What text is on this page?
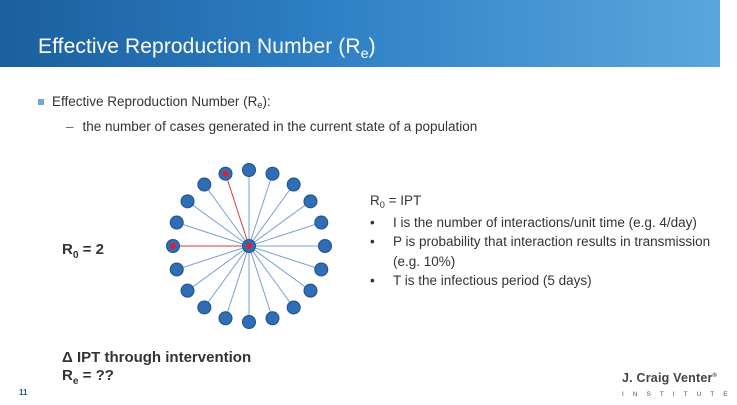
Effective Reproduction Number $(R_e)$
Effective Reproduction Number (R e ):
– the number of cases generated in the current state of a population
$R_0 = 2$
$R_0$ = IPT
•	I is the number of interactions/unit time (e.g. 4/day)
•	P is probability that interaction results in transmission (e.g. 10%)
•	T is the infectious period (5 days)
Δ IPT through intervention
$R_e$ = ??
11
J. Craig Venter®
INSTITUTE
